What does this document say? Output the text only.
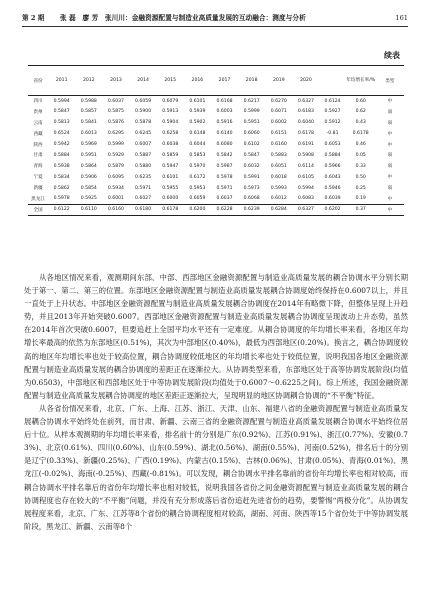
第 2 期 张 磊　廖 芳　张川川：金融资源配置与制造业高质量发展的互动融合：测度与分析	161
续表
省份	2011	2012	2013	2014	2015	2016	2017	2018	2019	2020		年均增长率/%	类型
四川	0.5994	0.5988	0.6037	0.6059	0.6079	0.6101	0.6168	0.6217	0.6270	0.6327	0.6124	0.60	中
贵州	0.5847	0.5857	0.5875	0.5900	0.5913	0.5939	0.6003	0.5999	0.6071	0.6183	0.5927	0.62	弱
云南	0.5813	0.5841	0.5876	0.5878	0.5904	0.5902	0.5916	0.5951	0.6002	0.6040	0.5912	0.43	弱
西藏	0.6524	0.6013	0.6295	0.6245	0.6258	0.6148	0.6140	0.6060	0.6151	0.6178	-0.81	0.6178	中
陕西	0.5942	0.5969	0.5999	0.6007	0.6038	0.6044	0.6080	0.6102	0.6160	0.6191	0.6053	0.46	中
甘肃	0.5884	0.5951	0.5929	0.5887	0.5859	0.5853	0.5842	0.5847	0.5883	0.5908	0.5884	0.05	弱
青海	0.5938	0.5864	0.5879	0.5880	0.5947	0.5970	0.5987	0.6032	0.6051	0.6114	0.5966	0.33	弱
宁夏	0.5834	0.5906	0.6095	0.6235	0.6101	0.6172	0.5978	0.5991	0.6018	0.6105	0.6043	0.50	中
新疆	0.5862	0.5854	0.5934	0.5971	0.5955	0.5953	0.5971	0.5973	0.5993	0.5994	0.5946	0.25	弱
黑龙江	0.5978	0.5925	0.6001	0.6027	0.6000	0.6059	0.6037	0.6068	0.6012	0.6083	0.6039	0.19	中
全国	0.6122	0.6110	0.6160	0.6180	0.6178	0.6200	0.6228	0.6239	0.6284	0.6327	0.6202	0.37	中

从各地区情况来看，观测期间东部、中部、西部地区金融资源配置与制造业高质量发展的耦合协调水平分别长期处于第一、第二、第三的位置。东部地区金融资源配置与制造业高质量发展耦合协调度始终保持在0.6007以上，并且一直处于上升状态。中部地区金融资源配置与制造业高质量发展耦合协调度在2014年有略微下降，但整体呈现上升趋势，并且2013年开始突破0.6007。西部地区金融资源配置与制造业高质量发展耦合协调度呈现波动上升态势，虽然在2014年首次突破0.6007，但要追赶上全国平均水平还有一定难度。从耦合协调度的年均增长率来看，各地区年均增长率最高的依然为东部地区(0.51%)，其次为中部地区(0.40%)，最低为西部地区(0.20%)。换言之，耦合协调度较高的地区年均增长率也处于较高位置，耦合协调度较低地区的年均增长率也处于较低位置，说明我国各地区金融资源配置与制造业高质量发展的耦合协调度的差距正在逐渐拉大。从协调类型来看，东部地区处于高等协调发展阶段(均值为0.6503)，中部地区和西部地区处于中等协调发展阶段(均值处于0.6007～0.6225之间)。综上所述，我国金融资源配置与制造业高质量发展耦合协调度的地区差距正逐渐拉大，呈现明显的地区协调耦合协调的“不平衡”特征。

从各省份情况来看，北京、广东、上海、江苏、浙江、天津、山东、福建八省的金融资源配置与制造业高质量发展耦合协调水平始终处在前列，而甘肃、新疆、云南三省的金融资源配置与制造业高质量发展耦合协调水平始终位居后十位。从样本观测期的年均增长率来看，排名前十的分别是广东(0.92%)、江苏(0.91%)、浙江(0.77%)、安徽(0.73%)、北京(0.61%)、四川(0.60%)、山东(0.59%)、湖北(0.56%)、湖南(0.55%)、河南(0.52%)，排名后十的分别是辽宁(0.33%)、新疆(0.25%)、广西(0.19%)、内蒙古(0.15%)、吉林(0.06%)、甘肃(0.05%)、青海(0.01%)、黑龙江(-0.02%)、海南(-0.25%)、西藏(-0.81%)。可以发现，耦合协调水平排名靠前的省份年均增长率也相对较高，而耦合协调水平排名靠后的省份年均增长率也相对较低，说明我国各省份之间金融资源配置与制造业高质量发展的耦合协调程度也存在较大的“不平衡”问题，并没有充分形成落后省份追赶先进省份的趋势，要警惕“两极分化”。从协调发展程度来看，北京、广东、江苏等8个省份的耦合协调程度相对较高，湖南、河南、陕西等15个省份处于中等协调发展阶段，黑龙江、新疆、云南等8个
